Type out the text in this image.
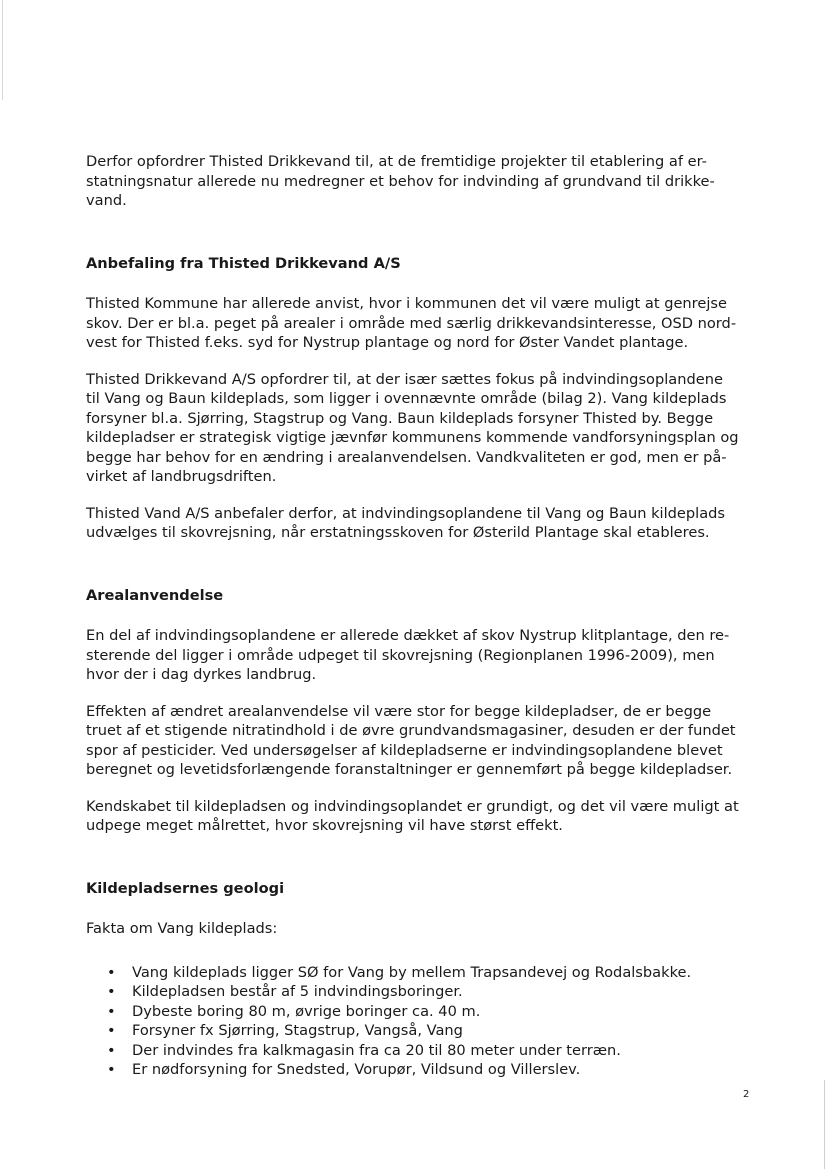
Derfor opfordrer Thisted Drikkevand til, at de fremtidige projekter til etablering af er-
statningsnatur allerede nu medregner et behov for indvinding af grundvand til drikke-
vand.

Anbefaling fra Thisted Drikkevand A/S

Thisted Kommune har allerede anvist, hvor i kommunen det vil være muligt at genrejse
skov. Der er bl.a. peget på arealer i område med særlig drikkevandsinteresse, OSD nord-
vest for Thisted f.eks. syd for Nystrup plantage og nord for Øster Vandet plantage.

Thisted Drikkevand A/S opfordrer til, at der især sættes fokus på indvindingsoplandene
til Vang og Baun kildeplads, som ligger i ovennævnte område (bilag 2). Vang kildeplads
forsyner bl.a. Sjørring, Stagstrup og Vang. Baun kildeplads forsyner Thisted by. Begge
kildepladser er strategisk vigtige jævnfør kommunens kommende vandforsyningsplan og
begge har behov for en ændring i arealanvendelsen. Vandkvaliteten er god, men er på-
virket af landbrugsdriften.

Thisted Vand A/S anbefaler derfor, at indvindingsoplandene til Vang og Baun kildeplads
udvælges til skovrejsning, når erstatningsskoven for Østerild Plantage skal etableres.

Arealanvendelse

En del af indvindingsoplandene er allerede dækket af skov Nystrup klitplantage, den re-
sterende del ligger i område udpeget til skovrejsning (Regionplanen 1996-2009), men
hvor der i dag dyrkes landbrug.

Effekten af ændret arealanvendelse vil være stor for begge kildepladser, de er begge
truet af et stigende nitratindhold i de øvre grundvandsmagasiner, desuden er der fundet
spor af pesticider. Ved undersøgelser af kildepladserne er indvindingsoplandene blevet
beregnet og levetidsforlængende foranstaltninger er gennemført på begge kildepladser.

Kendskabet til kildepladsen og indvindingsoplandet er grundigt, og det vil være muligt at
udpege meget målrettet, hvor skovrejsning vil have størst effekt.

Kildepladsernes geologi

Fakta om Vang kildeplads:

• Vang kildeplads ligger SØ for Vang by mellem Trapsandevej og Rodalsbakke.
• Kildepladsen består af 5 indvindingsboringer.
• Dybeste boring 80 m, øvrige boringer ca. 40 m.
• Forsyner fx Sjørring, Stagstrup, Vangså, Vang
• Der indvindes fra kalkmagasin fra ca 20 til 80 meter under terræn.
• Er nødforsyning for Snedsted, Vorupør, Vildsund og Villerslev.
2
